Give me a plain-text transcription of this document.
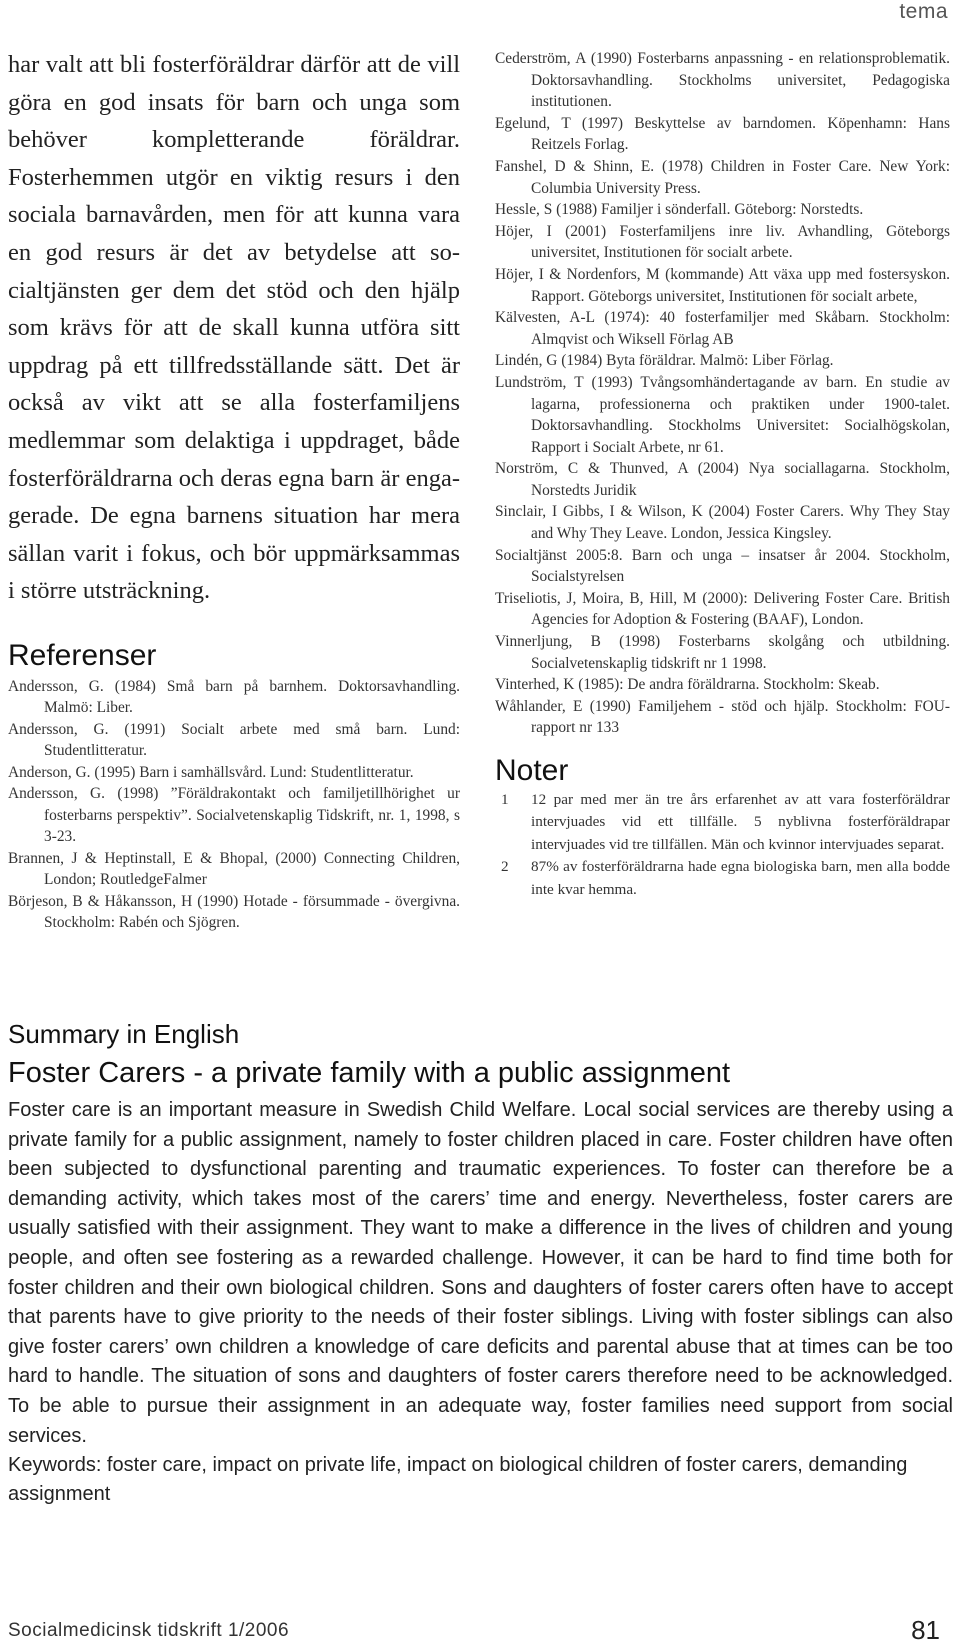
tema

har valt att bli fosterföräldrar därför att de vill göra en god insats för barn och unga som behöver kompletterande föräldrar. Fosterhemmen utgör en viktig resurs i den sociala barnavården, men för att kunna vara en god resurs är det av betydelse att socialtjänsten ger dem det stöd och den hjälp som krävs för att de skall kunna utföra sitt uppdrag på ett tillfredsställande sätt. Det är också av vikt att se alla fosterfamiljens medlemmar som delaktiga i uppdraget, både fosterföräldrarna och deras egna barn är engagerade. De egna barnens situation har mera sällan varit i fokus, och bör uppmärksammas i större utsträckning.

Referenser
Andersson, G. (1984) Små barn på barnhem. Doktorsavhandling. Malmö: Liber.
Andersson, G. (1991) Socialt arbete med små barn. Lund: Studentlitteratur.
Anderson, G. (1995) Barn i samhällsvård. Lund: Studentlitteratur.
Andersson, G. (1998) ”Föräldrakontakt och familjetillhörighet ur fosterbarns perspektiv”. Socialvetenskaplig Tidskrift, nr. 1, 1998, s 3-23.
Brannen, J & Heptinstall, E & Bhopal, (2000) Connecting Children, London; RoutledgeFalmer
Börjeson, B & Håkansson, H (1990) Hotade - försummade - övergivna. Stockholm: Rabén och Sjögren.
Cederström, A (1990) Fosterbarns anpassning - en relationsproblematik. Doktorsavhandling. Stockholms universitet, Pedagogiska institutionen.
Egelund, T (1997) Beskyttelse av barndomen. Köpenhamn: Hans Reitzels Forlag.
Fanshel, D & Shinn, E. (1978) Children in Foster Care. New York: Columbia University Press.
Hessle, S (1988) Familjer i sönderfall. Göteborg: Norstedts.
Höjer, I (2001) Fosterfamiljens inre liv. Avhandling, Göteborgs universitet, Institutionen för socialt arbete.
Höjer, I & Nordenfors, M (kommande) Att växa upp med fostersyskon. Rapport. Göteborgs universitet, Institutionen för socialt arbete,
Kälvesten, A-L (1974): 40 fosterfamiljer med Skåbarn. Stockholm: Almqvist och Wiksell Förlag AB
Lindén, G (1984) Byta föräldrar. Malmö: Liber Förlag.
Lundström, T (1993) Tvångsomhändertagande av barn. En studie av lagarna, professionerna och praktiken under 1900-talet. Doktorsavhandling. Stockholms Universitet: Socialhögskolan, Rapport i Socialt Arbete, nr 61.
Norström, C & Thunved, A (2004) Nya sociallagarna. Stockholm, Norstedts Juridik
Sinclair, I Gibbs, I & Wilson, K (2004) Foster Carers. Why They Stay and Why They Leave. London, Jessica Kingsley.
Socialtjänst 2005:8. Barn och unga – insatser år 2004. Stockholm, Socialstyrelsen
Triseliotis, J, Moira, B, Hill, M (2000): Delivering Foster Care. British Agencies for Adoption & Fostering (BAAF), London.
Vinnerljung, B (1998) Fosterbarns skolgång och utbildning. Socialvetenskaplig tidskrift nr 1 1998.
Vinterhed, K (1985): De andra föräldrarna. Stockholm: Skeab.
Wåhlander, E (1990) Familjehem - stöd och hjälp. Stockholm: FOU-rapport nr 133
Noter
1	12 par med mer än tre års erfarenhet av att vara fosterföräldrar intervjuades vid ett tillfälle. 5 nyblivna fosterföräldrapar intervjuades vid tre tillfällen. Män och kvinnor intervjuades separat.
2	87% av fosterföräldrarna hade egna biologiska barn, men alla bodde inte kvar hemma.
Summary in English
Foster Carers - a private family with a public assignment

Foster care is an important measure in Swedish Child Welfare. Local social services are thereby using a private family for a public assignment, namely to foster children placed in care. Foster children have often been subjected to dysfunctional parenting and traumatic experiences. To foster can therefore be a demanding activity, which takes most of the carers’ time and energy. Nevertheless, foster carers are usually satisfied with their assignment. They want to make a difference in the lives of children and young people, and often see fostering as a rewarded challenge. However, it can be hard to find time both for foster children and their own biological children. Sons and daughters of foster carers often have to accept that parents have to give priority to the needs of their foster siblings. Living with foster siblings can also give foster carers’ own children a knowledge of care deficits and parental abuse that at times can be too hard to handle. The situation of sons and daughters of foster carers therefore need to be acknowledged. To be able to pursue their assignment in an adequate way, foster families need support from social services.

Keywords: foster care, impact on private life, impact on biological children of foster carers, demanding assignment

Socialmedicinsk tidskrift 1/2006	81
